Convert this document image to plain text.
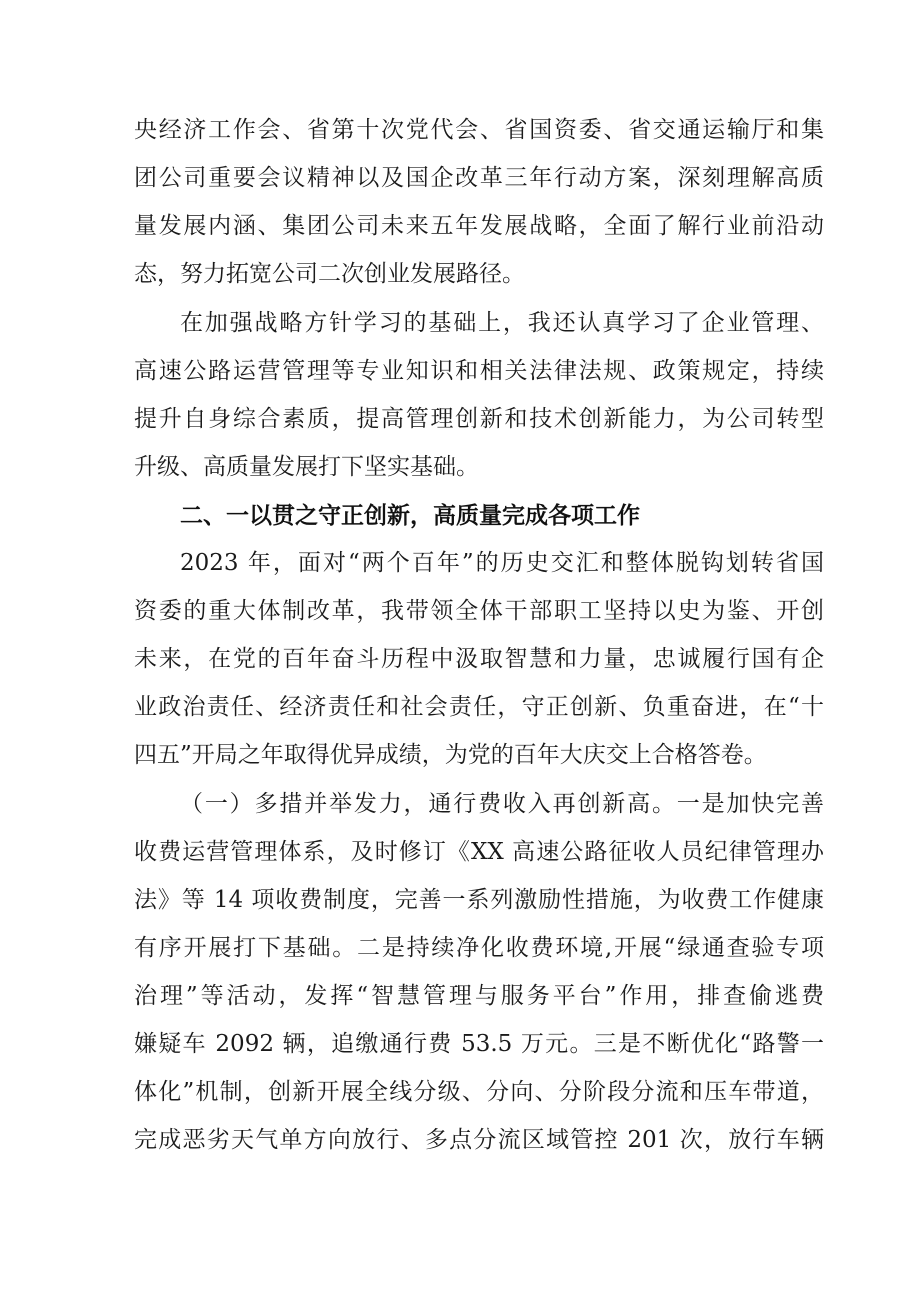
央经济工作会、省第十次党代会、省国资委、省交通运输厅和集
团公司重要会议精神以及国企改革三年行动方案，深刻理解高质
量发展内涵、集团公司未来五年发展战略，全面了解行业前沿动
态，努力拓宽公司二次创业发展路径。
在加强战略方针学习的基础上，我还认真学习了企业管理、
高速公路运营管理等专业知识和相关法律法规、政策规定，持续
提升自身综合素质，提高管理创新和技术创新能力，为公司转型
升级、高质量发展打下坚实基础。
二、一以贯之守正创新，高质量完成各项工作
2023 年，面对“两个百年”的历史交汇和整体脱钩划转省国
资委的重大体制改革，我带领全体干部职工坚持以史为鉴、开创
未来，在党的百年奋斗历程中汲取智慧和力量，忠诚履行国有企
业政治责任、经济责任和社会责任，守正创新、负重奋进，在“十
四五”开局之年取得优异成绩，为党的百年大庆交上合格答卷。
（一）多措并举发力，通行费收入再创新高。一是加快完善
收费运营管理体系，及时修订《XX 高速公路征收人员纪律管理办
法》等 14 项收费制度，完善一系列激励性措施，为收费工作健康
有序开展打下基础。二是持续净化收费环境,开展“绿通查验专项
治理”等活动，发挥“智慧管理与服务平台”作用，排查偷逃费
嫌疑车 2092 辆，追缴通行费 53.5 万元。三是不断优化“路警一
体化”机制，创新开展全线分级、分向、分阶段分流和压车带道，
完成恶劣天气单方向放行、多点分流区域管控 201 次，放行车辆
